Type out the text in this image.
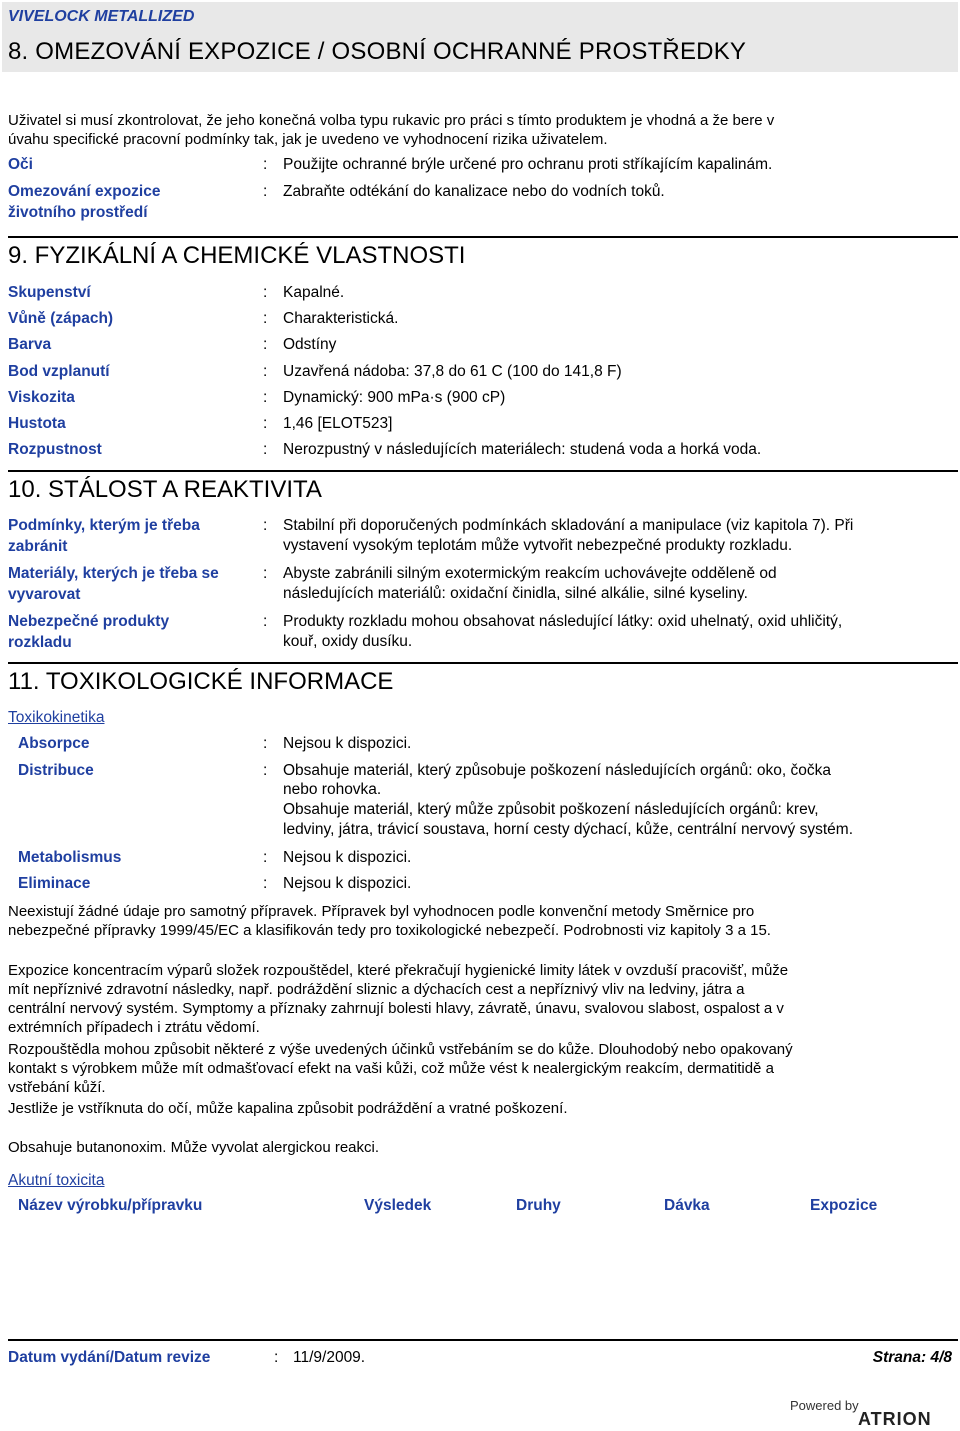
VIVELOCK METALLIZED
8. OMEZOVÁNÍ EXPOZICE / OSOBNÍ OCHRANNÉ PROSTŘEDKY
Uživatel si musí zkontrolovat, že jeho konečná volba typu rukavic pro práci s tímto produktem je vhodná a že bere v
úvahu specifické pracovní podmínky tak, jak je uvedeno ve vyhodnocení rizika uživatelem.
Oči	: Použijte ochranné brýle určené pro ochranu proti stříkajícím kapalinám.
Omezování expozice
životního prostředí
: Zabraňte odtékání do kanalizace nebo do vodních toků.
9. FYZIKÁLNÍ A CHEMICKÉ VLASTNOSTI
Skupenství	: Kapalné.
Vůně (zápach)	: Charakteristická.
Barva	: Odstíny
Bod vzplanutí	: Uzavřená nádoba: 37,8 do 61 C (100 do 141,8 F)
Viskozita	: Dynamický: 900 mPa·s (900 cP)
Hustota	: 1,46 [ELOT523]
Rozpustnost	: Nerozpustný v následujících materiálech: studená voda a horká voda.
10. STÁLOST A REAKTIVITA
Podmínky, kterým je třeba
zabránit
: Stabilní při doporučených podmínkách skladování a manipulace (viz kapitola 7). Při
vystavení vysokým teplotám může vytvořit nebezpečné produkty rozkladu.
Materiály, kterých je třeba se
vyvarovat
: Abyste zabránili silným exotermickým reakcím uchovávejte odděleně od
následujících materiálů: oxidační činidla, silné alkálie, silné kyseliny.
Nebezpečné produkty
rozkladu
: Produkty rozkladu mohou obsahovat následující látky: oxid uhelnatý, oxid uhličitý,
kouř, oxidy dusíku.
11. TOXIKOLOGICKÉ INFORMACE
Toxikokinetika
Absorpce	: Nejsou k dispozici.
Distribuce	: Obsahuje materiál, který způsobuje poškození následujících orgánů: oko, čočka
nebo rohovka.
Obsahuje materiál, který může způsobit poškození následujících orgánů: krev,
ledviny, játra, trávicí soustava, horní cesty dýchací, kůže, centrální nervový systém.
Metabolismus	: Nejsou k dispozici.
Eliminace	: Nejsou k dispozici.
Neexistují žádné údaje pro samotný přípravek. Přípravek byl vyhodnocen podle konvenční metody Směrnice pro
nebezpečné přípravky 1999/45/EC a klasifikován tedy pro toxikologické nebezpečí. Podrobnosti viz kapitoly 3 a 15.
Expozice koncentracím výparů složek rozpouštědel, které překračují hygienické limity látek v ovzduší pracovišť, může
mít nepříznivé zdravotní následky, např. podráždění sliznic a dýchacích cest a nepříznivý vliv na ledviny, játra a
centrální nervový systém. Symptomy a příznaky zahrnují bolesti hlavy, závratě, únavu, svalovou slabost, ospalost a v
extrémních případech i ztrátu vědomí.
Rozpouštědla mohou způsobit některé z výše uvedených účinků vstřebáním se do kůže. Dlouhodobý nebo opakovaný
kontakt s výrobkem může mít odmašťovací efekt na vaši kůži, což může vést k nealergickým reakcím, dermatitidě a
vstřebání kůží.
Jestliže je vstříknuta do očí, může kapalina způsobit podráždění a vratné poškození.
Obsahuje butanonoxim. Může vyvolat alergickou reakci.
Akutní toxicita
Název výrobku/přípravku	Výsledek	Druhy	Dávka	Expozice
Datum vydání/Datum revize	: 11/9/2009.	Strana: 4/8
Powered by
ATRION
